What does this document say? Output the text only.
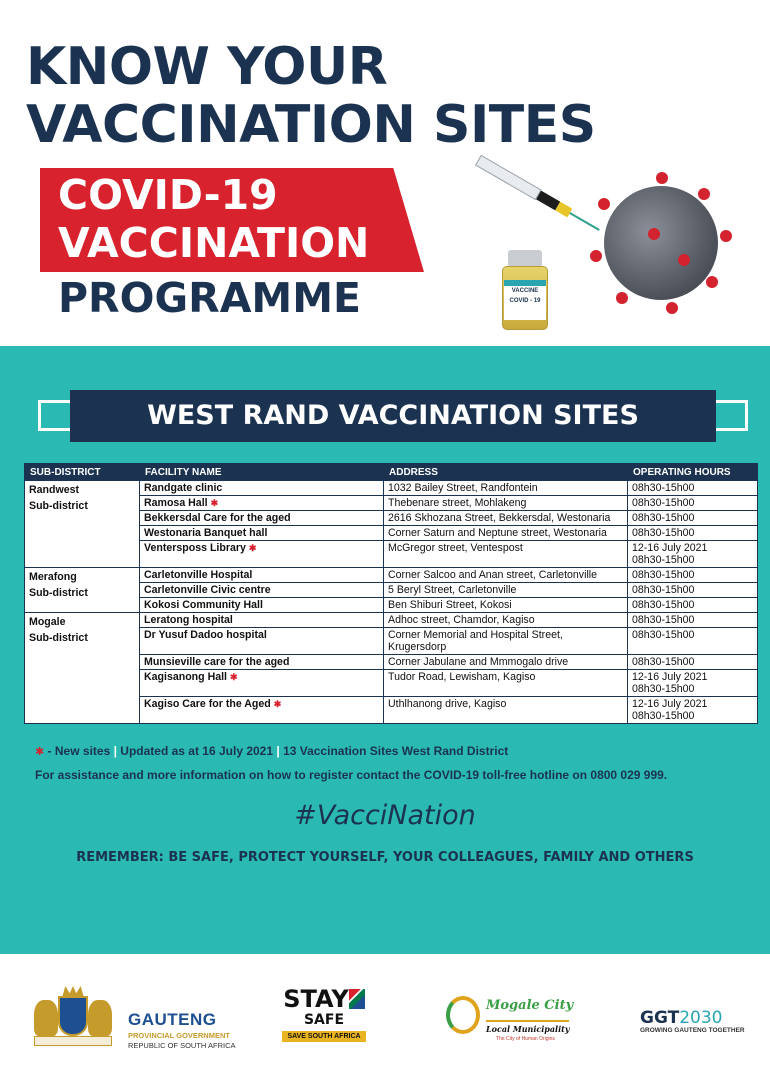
KNOW YOUR
VACCINATION SITES
COVID-19
VACCINATION
PROGRAMME	VACCINE
COVID - 19
WEST RAND VACCINATION SITES
SUB-DISTRICT	FACILITY NAME	ADDRESS	OPERATING HOURS
Randwest
Sub-district	Randgate clinic	1032 Bailey Street, Randfontein	08h30-15h00
	Ramosa Hall ✱	Thebenare street, Mohlakeng	08h30-15h00
	Bekkersdal Care for the aged	2616 Skhozana Street, Bekkersdal, Westonaria	08h30-15h00
	Westonaria Banquet hall	Corner Saturn and Neptune street, Westonaria	08h30-15h00
	Ventersposs Library ✱	McGregor street, Ventespost	12-16 July 2021
08h30-15h00
Merafong
Sub-district	Carletonville Hospital	Corner Salcoo and Anan street, Carletonville	08h30-15h00
	Carletonville Civic centre	5 Beryl Street, Carletonville	08h30-15h00
	Kokosi Community Hall	Ben Shiburi Street, Kokosi	08h30-15h00
Mogale
Sub-district	Leratong hospital	Adhoc street, Chamdor, Kagiso	08h30-15h00
	Dr Yusuf Dadoo hospital	Corner Memorial and Hospital Street,
Krugersdorp	08h30-15h00
	Munsieville care for the aged	Corner Jabulane and Mmmogalo drive	08h30-15h00
	Kagisanong Hall ✱	Tudor Road, Lewisham, Kagiso	12-16 July 2021
08h30-15h00
	Kagiso Care for the Aged ✱	Uthlhanong drive, Kagiso	12-16 July 2021
08h30-15h00
✱ - New sites | Updated as at 16 July 2021 | 13 Vaccination Sites West Rand District
For assistance and more information on how to register contact the COVID-19 toll-free hotline on 0800 029 999.
#VacciNation
REMEMBER: BE SAFE, PROTECT YOURSELF, YOUR COLLEAGUES, FAMILY AND OTHERS
GAUTENG
PROVINCIAL GOVERNMENT
REPUBLIC OF SOUTH AFRICA
STAY
SAFE
SAVE SOUTH AFRICA
Mogale City
Local Municipality
The City of Human Origins
GGT2030
GROWING GAUTENG TOGETHER
